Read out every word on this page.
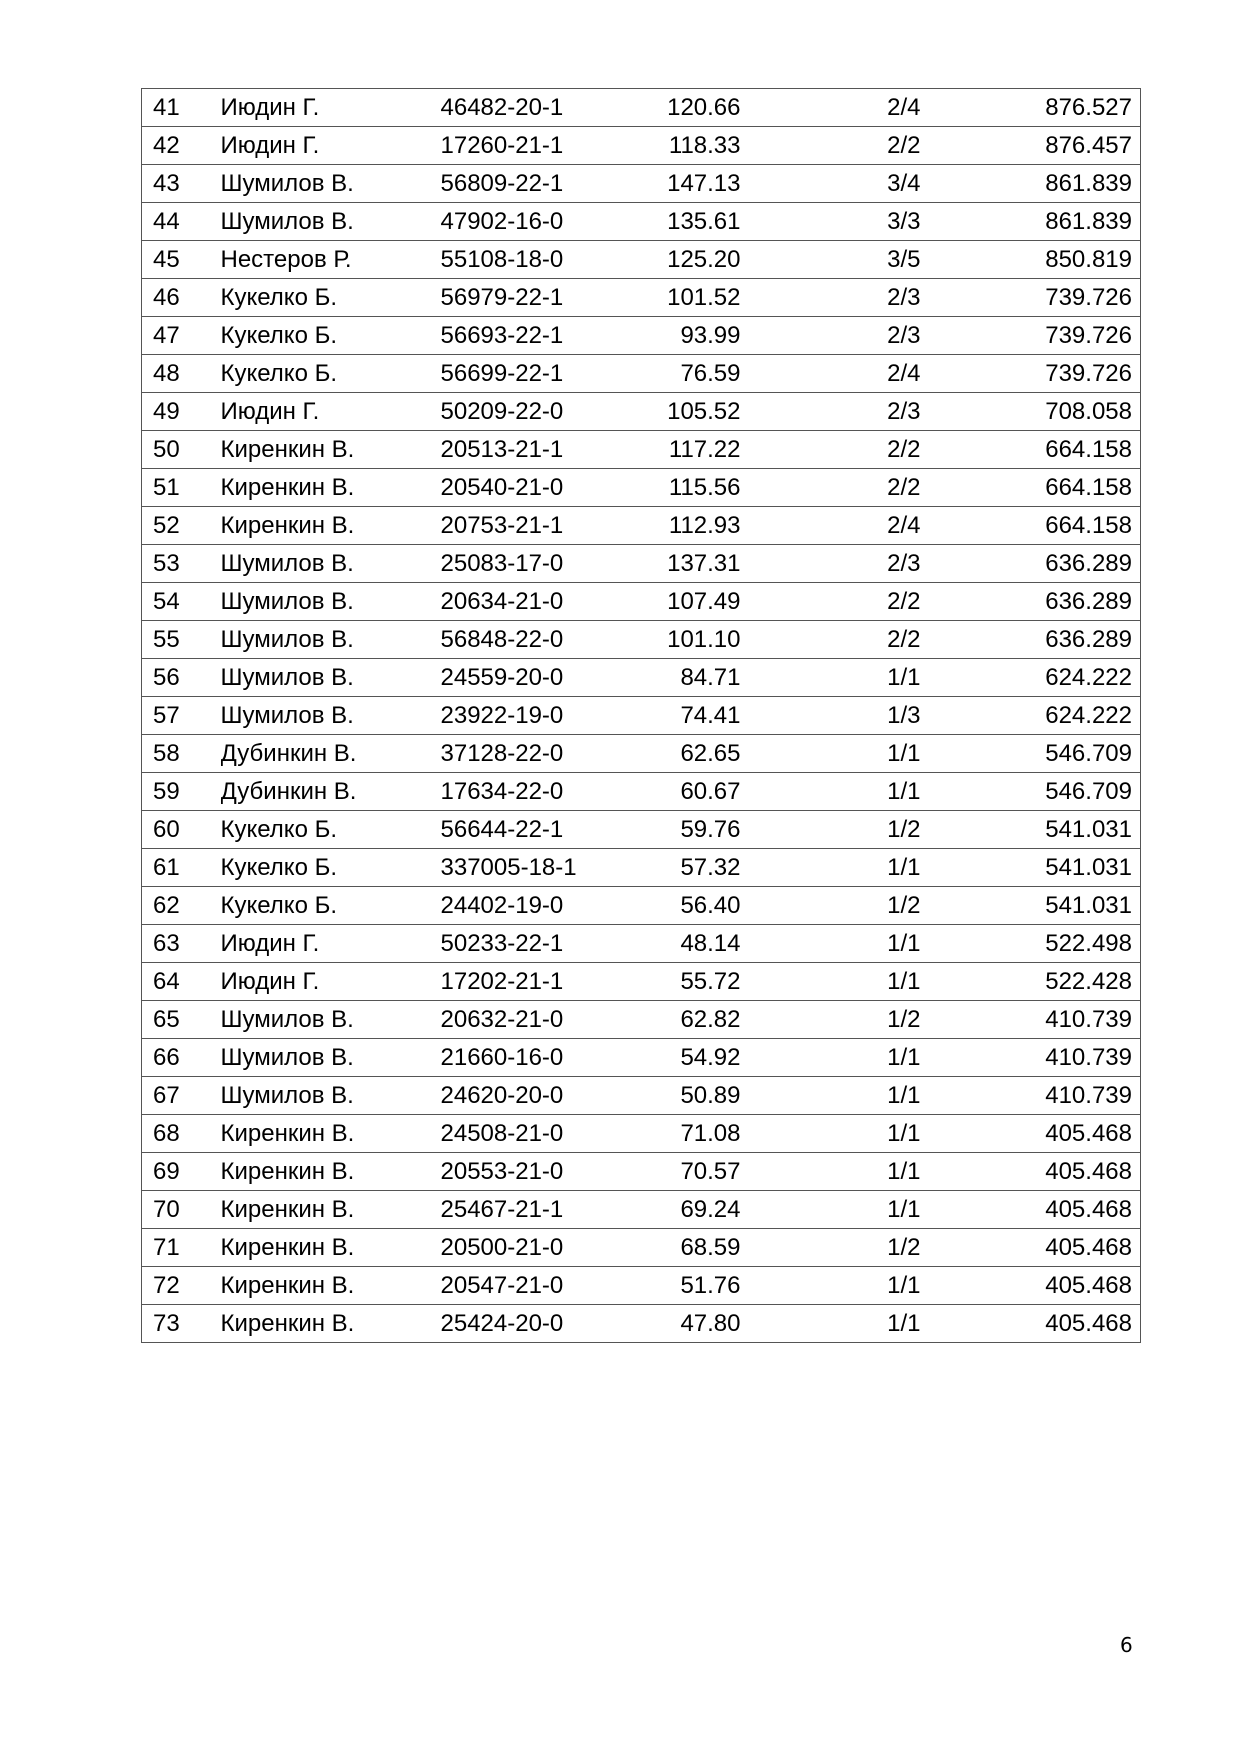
41	Июдин Г.	46482-20-1	120.66	2/4	876.527
42	Июдин Г.	17260-21-1	118.33	2/2	876.457
43	Шумилов В.	56809-22-1	147.13	3/4	861.839
44	Шумилов В.	47902-16-0	135.61	3/3	861.839
45	Нестеров Р.	55108-18-0	125.20	3/5	850.819
46	Кукелко Б.	56979-22-1	101.52	2/3	739.726
47	Кукелко Б.	56693-22-1	93.99	2/3	739.726
48	Кукелко Б.	56699-22-1	76.59	2/4	739.726
49	Июдин Г.	50209-22-0	105.52	2/3	708.058
50	Киренкин В.	20513-21-1	117.22	2/2	664.158
51	Киренкин В.	20540-21-0	115.56	2/2	664.158
52	Киренкин В.	20753-21-1	112.93	2/4	664.158
53	Шумилов В.	25083-17-0	137.31	2/3	636.289
54	Шумилов В.	20634-21-0	107.49	2/2	636.289
55	Шумилов В.	56848-22-0	101.10	2/2	636.289
56	Шумилов В.	24559-20-0	84.71	1/1	624.222
57	Шумилов В.	23922-19-0	74.41	1/3	624.222
58	Дубинкин В.	37128-22-0	62.65	1/1	546.709
59	Дубинкин В.	17634-22-0	60.67	1/1	546.709
60	Кукелко Б.	56644-22-1	59.76	1/2	541.031
61	Кукелко Б.	337005-18-1	57.32	1/1	541.031
62	Кукелко Б.	24402-19-0	56.40	1/2	541.031
63	Июдин Г.	50233-22-1	48.14	1/1	522.498
64	Июдин Г.	17202-21-1	55.72	1/1	522.428
65	Шумилов В.	20632-21-0	62.82	1/2	410.739
66	Шумилов В.	21660-16-0	54.92	1/1	410.739
67	Шумилов В.	24620-20-0	50.89	1/1	410.739
68	Киренкин В.	24508-21-0	71.08	1/1	405.468
69	Киренкин В.	20553-21-0	70.57	1/1	405.468
70	Киренкин В.	25467-21-1	69.24	1/1	405.468
71	Киренкин В.	20500-21-0	68.59	1/2	405.468
72	Киренкин В.	20547-21-0	51.76	1/1	405.468
73	Киренкин В.	25424-20-0	47.80	1/1	405.468
6
